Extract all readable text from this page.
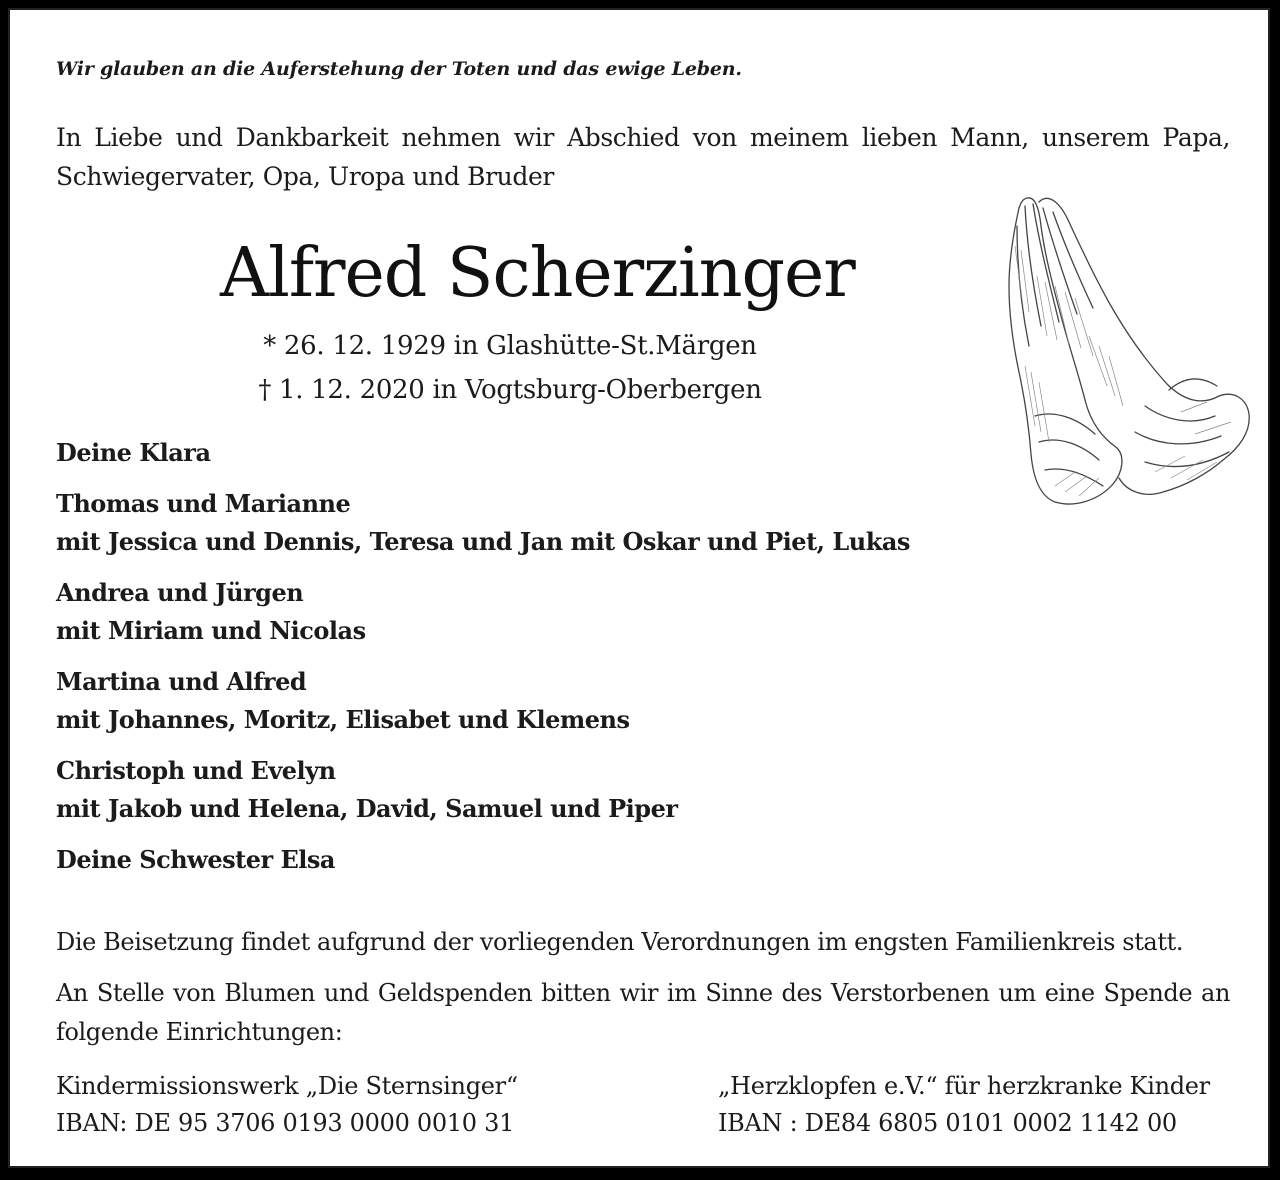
Wir glauben an die Auferstehung der Toten und das ewige Leben.
In Liebe und Dankbarkeit nehmen wir Abschied von meinem lieben Mann, unserem Papa, Schwiegervater, Opa, Uropa und Bruder
Alfred Scherzinger
* 26. 12. 1929 in Glashütte-St.Märgen
† 1. 12. 2020 in Vogtsburg-Oberbergen
Deine Klara
Thomas und Marianne
mit Jessica und Dennis, Teresa und Jan mit Oskar und Piet, Lukas
Andrea und Jürgen
mit Miriam und Nicolas
Martina und Alfred
mit Johannes, Moritz, Elisabet und Klemens
Christoph und Evelyn
mit Jakob und Helena, David, Samuel und Piper
Deine Schwester Elsa
Die Beisetzung findet aufgrund der vorliegenden Verordnungen im engsten Familienkreis statt.
An Stelle von Blumen und Geldspenden bitten wir im Sinne des Verstorbenen um eine Spende an folgende Einrichtungen:
Kindermissionswerk „Die Sternsinger“
IBAN: DE 95 3706 0193 0000 0010 31
„Herzklopfen e.V.“ für herzkranke Kinder
IBAN : DE84 6805 0101 0002 1142 00
